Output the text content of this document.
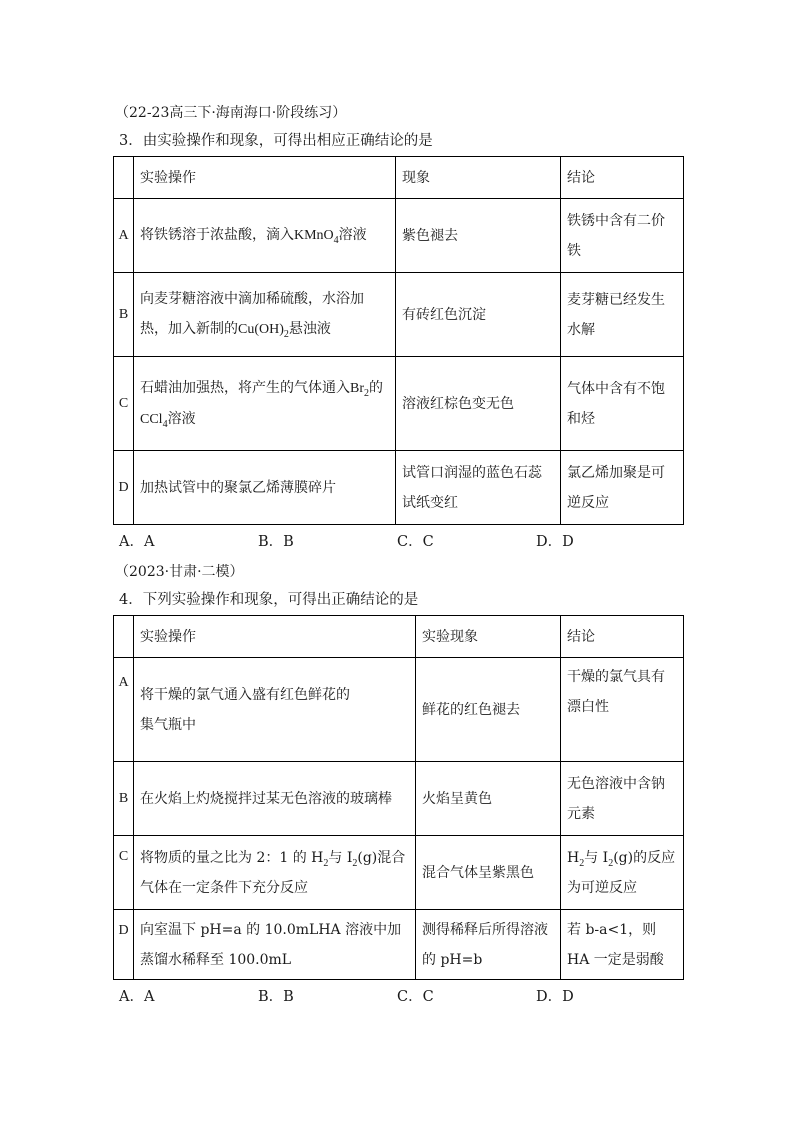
（22-23高三下·海南海口·阶段练习）
3．由实验操作和现象，可得出相应正确结论的是
	实验操作	现象	结论
A	将铁锈溶于浓盐酸，滴入KMnO$_4$溶液	紫色褪去	铁锈中含有二价铁
B	向麦芽糖溶液中滴加稀硫酸，水浴加热，加入新制的$Cu(OH)_2$悬浊液	有砖红色沉淀	麦芽糖已经发生水解
C	石蜡油加强热，将产生的气体通入$Br_2$的
CCl$_4$溶液	溶液红棕色变无色	气体中含有不饱和烃
D	加热试管中的聚氯乙烯薄膜碎片	试管口润湿的蓝色石蕊试纸变红	氯乙烯加聚是可逆反应
A．A	B．B	C．C	D．D
（2023·甘肃·二模）
4．下列实验操作和现象，可得出正确结论的是
	实验操作	实验现象	结论
A	将干燥的氯气通入盛有红色鲜花的集气瓶中	鲜花的红色褪去	干燥的氯气具有漂白性
B	在火焰上灼烧搅拌过某无色溶液的玻璃棒	火焰呈黄色	无色溶液中含钠元素
C	将物质的量之比为 2：1 的 $H_2$与 $I_2(g)$混合气体在一定条件下充分反应	混合气体呈紫黑色	$H_2$与 $I_2(g)$的反应为可逆反应
D	向室温下 pH=a 的 10.0mLHA 溶液中加蒸馏水稀释至 100.0mL	测得稀释后所得溶液的 pH=b	若 b-a<1，则 HA 一定是弱酸
A．A	B．B	C．C	D．D
